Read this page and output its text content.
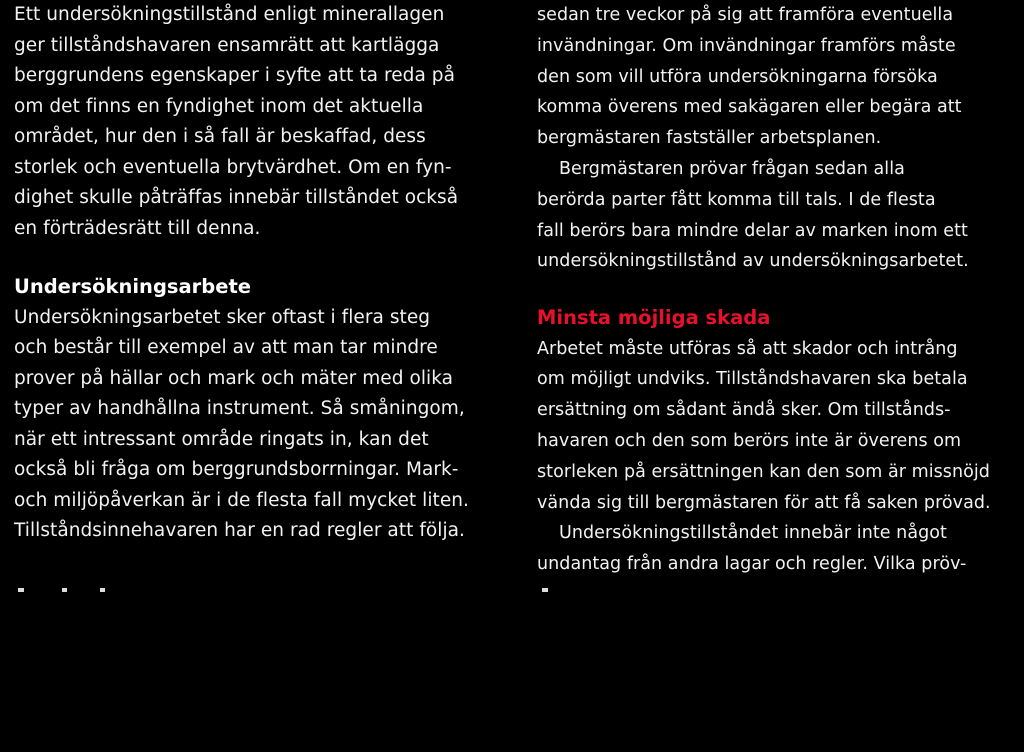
Ett undersökningstillstånd enligt minerallagen
ger tillståndshavaren ensamrätt att kartlägga
berggrundens egenskaper i syfte att ta reda på
om det finns en fyndighet inom det aktuella
området, hur den i så fall är beskaffad, dess
storlek och eventuella brytvärdhet. Om en fyn-
dighet skulle påträffas innebär tillståndet också
en förträdesrätt till denna.
Undersökningsarbete
Undersökningsarbetet sker oftast i flera steg
och består till exempel av att man tar mindre
prover på hällar och mark och mäter med olika
typer av handhållna instrument. Så småningom,
när ett intressant område ringats in, kan det
också bli fråga om berggrundsborrningar. Mark-
och miljöpåverkan är i de flesta fall mycket liten.
Tillståndsinnehavaren har en rad regler att följa.
sedan tre veckor på sig att framföra eventuella
invändningar. Om invändningar framförs måste
den som vill utföra undersökningarna försöka
komma överens med sakägaren eller begära att
bergmästaren fastställer arbetsplanen.
Bergmästaren prövar frågan sedan alla
berörda parter fått komma till tals. I de flesta
fall berörs bara mindre delar av marken inom ett
undersökningstillstånd av undersökningsarbetet.
Minsta möjliga skada
Arbetet måste utföras så att skador och intrång
om möjligt undviks. Tillståndshavaren ska betala
ersättning om sådant ändå sker. Om tillstånds-
havaren och den som berörs inte är överens om
storleken på ersättningen kan den som är missnöjd
vända sig till bergmästaren för att få saken prövad.
Undersökningstillståndet innebär inte något
undantag från andra lagar och regler. Vilka pröv-
